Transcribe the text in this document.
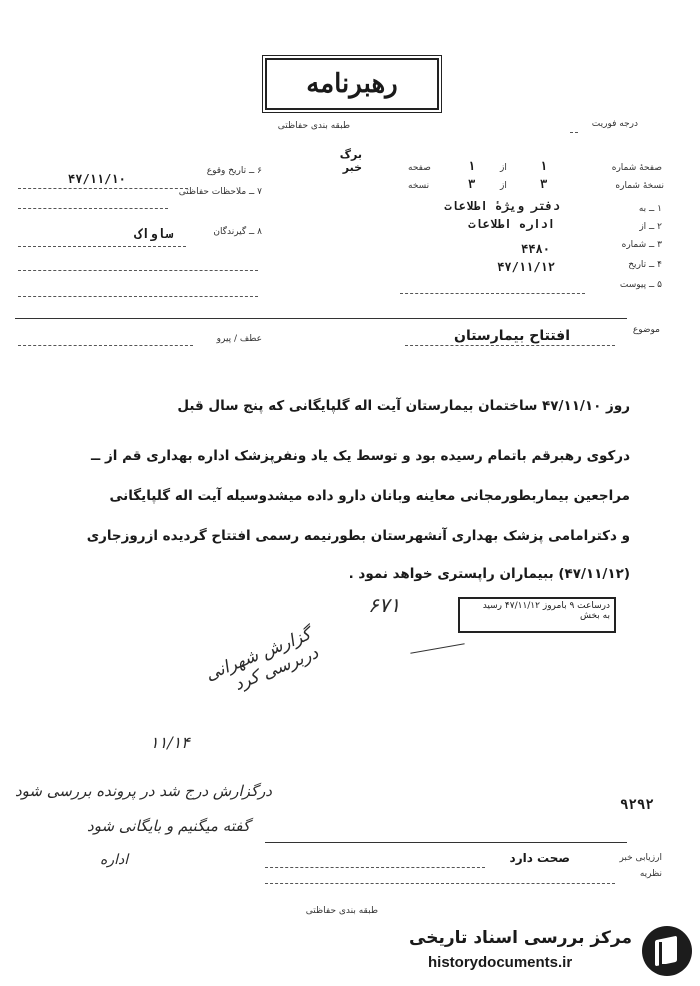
رهبرنامه
طبقه بندی حفاظتی	درجه فوریت
برگ خبر
۶ ــ تاریخ وقوع
۴۷/۱۱/۱۰
۷ ــ ملاحظات حفاظتی
۸ ــ گیرندگان
ساواک
صفحهٔ شماره
۱
از
۱
صفحه
نسخهٔ شماره
۳
از
۳
نسخه
۱ ــ به
دفتر ویژهٔ اطلاعات
۲ ــ از
اداره اطلاعات
۳ ــ شماره
۴۴۸۰
۴ ــ تاریخ
۴۷/۱۱/۱۲
۵ ــ پیوست
موضوع
افتتاح بیمارستان
عطف / پیرو
روز ۴۷/۱۱/۱۰ ساختمان بیمارستان آیت اله گلپایگانی که پنج سال قبل
درکوی رهبرقم باتمام رسیده بود و توسط یک یاد ونفرپزشک اداره بهداری قم از ــ
مراجعین بیماربطورمجانی معاینه وبانان دارو داده میشدوسیله آیت اله گلپایگانی
و دکترامامی پزشک بهداری آنشهرستان بطورنیمه رسمی افتتاح گردیده ازروزجاری
(۴۷/۱۱/۱۲) ببیماران راپستری خواهد نمود .
درساعت ۹ بامروز ۴۷/۱۱/۱۲ رسید
به بخش
۶۷۱
گزارش شهرانی دربرسی کرد
۱۱/۱۴
درگزارش درج شد در پرونده بررسی شود
گفته میگنیم و بایگانی شود
اداره
۹۲۹۲
ارزیابی خبر
صحت دارد
نظریه
طبقه بندی حفاظتی
مرکز بررسی اسناد تاریخی
historydocuments.ir
